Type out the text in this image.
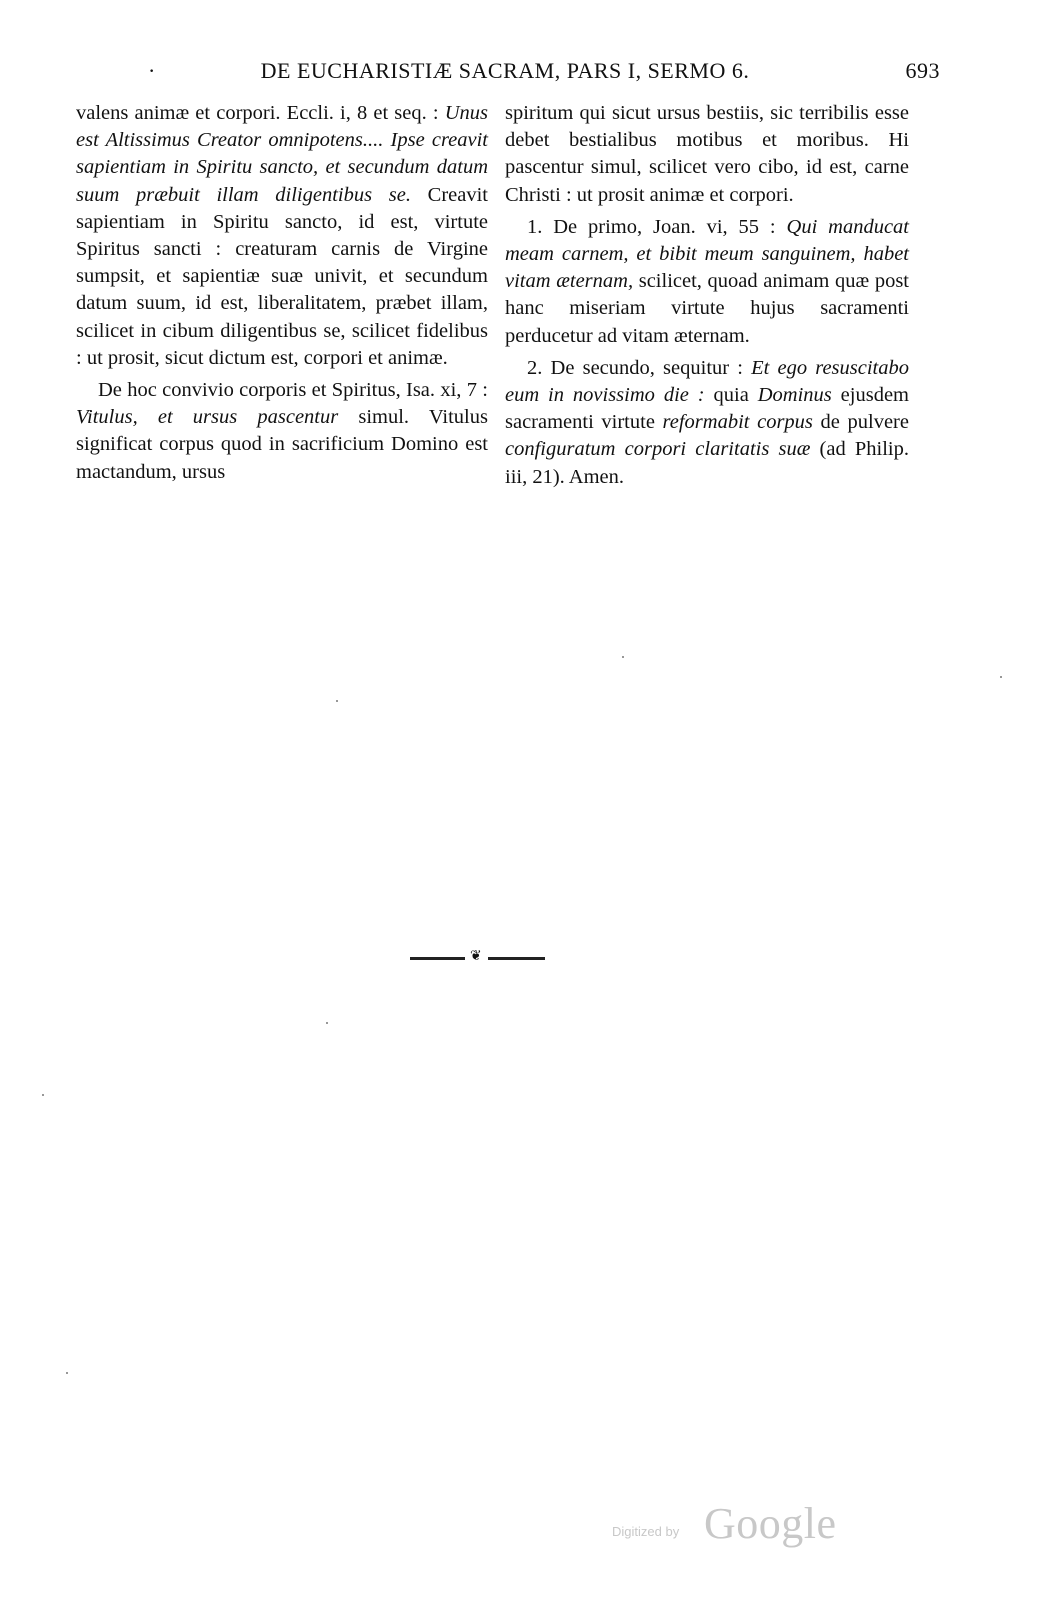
·	DE EUCHARISTIÆ SACRAM, PARS I, SERMO 6.	693

valens animæ et corpori. Eccli. i, 8 et seq. : Unus est Altissimus Creator omnipotens.... Ipse creavit sapientiam in Spiritu sancto, et secundum datum suum præbuit illam diligentibus se. Creavit sapientiam in Spiritu sancto, id est, virtute Spiritus sancti : creaturam carnis de Virgine sumpsit, et sapientiæ suæ univit, et secundum datum suum, id est, liberalitatem, præbet illam, scilicet in cibum diligentibus se, scilicet fidelibus : ut prosit, sicut dictum est, corpori et animæ.

De hoc convivio corporis et Spiritus, Isa. xi, 7 : Vitulus, et ursus pascentur simul. Vitulus significat corpus quod in sacrificium Domino est mactandum, ursus

spiritum qui sicut ursus bestiis, sic terribilis esse debet bestialibus motibus et moribus. Hi pascentur simul, scilicet vero cibo, id est, carne Christi : ut prosit animæ et corpori.

1. De primo, Joan. vi, 55 : Qui manducat meam carnem, et bibit meum sanguinem, habet vitam æternam, scilicet, quoad animam quæ post hanc miseriam virtute hujus sacramenti perducetur ad vitam æternam.

2. De secundo, sequitur : Et ego resuscitabo eum in novissimo die : quia Dominus ejusdem sacramenti virtute reformabit corpus de pulvere configuratum corpori claritatis suæ (ad Philip. iii, 21). Amen.

❦
Digitized by Google
